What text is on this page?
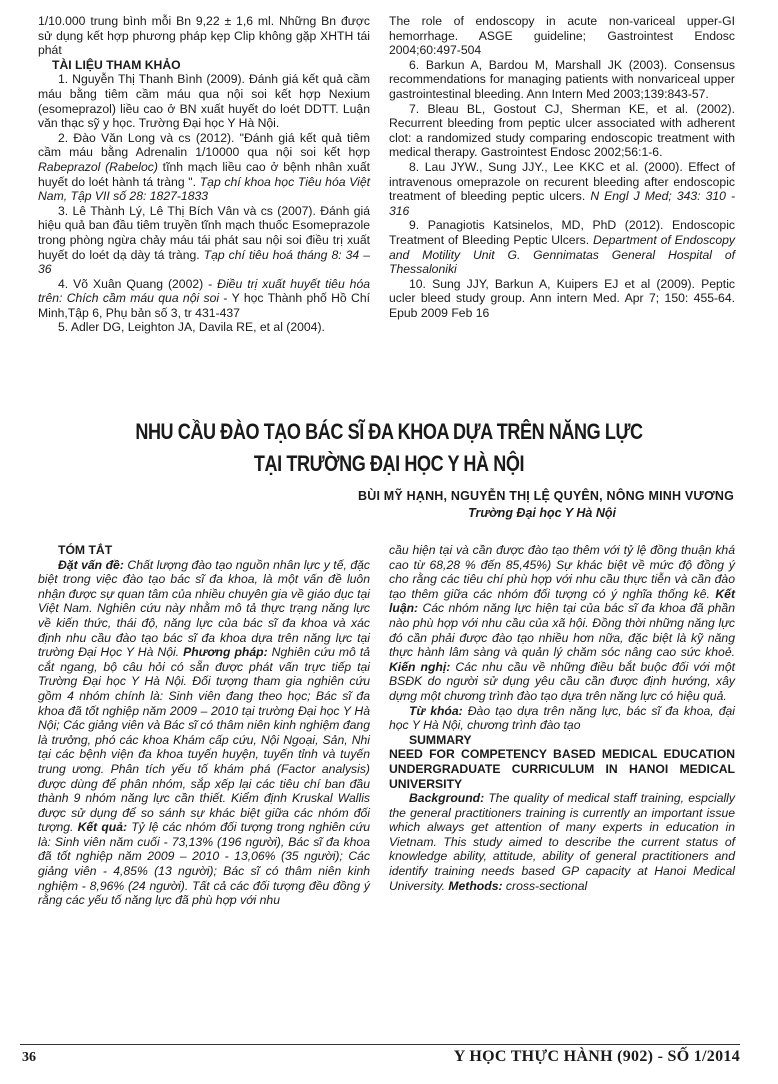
1/10.000 trung bình mỗi Bn 9,22 ± 1,6 ml. Những Bn được sử dụng kết hợp phương pháp kẹp Clip không gặp XHTH tái phát

TÀI LIỆU THAM KHẢO

1. Nguyễn Thị Thanh Bình (2009). Đánh giá kết quả cầm máu bằng tiêm cầm máu qua nội soi kết hợp Nexium (esomeprazol) liều cao ở BN xuất huyết do loét DDTT. Luận văn thạc sỹ y học. Trường Đại học Y Hà Nội.

2. Đào Văn Long và cs (2012). "Đánh giá kết quả tiêm cầm máu bằng Adrenalin 1/10000 qua nội soi kết hợp Rabeprazol (Rabeloc) tĩnh mạch liều cao ở bệnh nhân xuất huyết do loét hành tá tràng ". Tạp chí khoa học Tiêu hóa Việt Nam, Tập VII số 28: 1827-1833

3. Lê Thành Lý, Lê Thị Bích Vân và cs (2007). Đánh giá hiệu quả ban đầu tiêm truyền tĩnh mạch thuốc Esomeprazole trong phòng ngừa chảy máu tái phát sau nội soi điều trị xuất huyết do loét dạ dày tá tràng. Tạp chí tiêu hoá tháng 8: 34 – 36

4. Võ Xuân Quang (2002) - Điều trị xuất huyết tiêu hóa trên: Chích cầm máu qua nội soi - Y học Thành phố Hồ Chí Minh,Tập 6, Phụ bản số 3, tr 431-437

5. Adler DG, Leighton JA, Davila RE, et al (2004).

The role of endoscopy in acute non-variceal upper-GI hemorrhage. ASGE guideline; Gastrointest Endosc 2004;60:497-504

6. Barkun A, Bardou M, Marshall JK (2003). Consensus recommendations for managing patients with nonvariceal upper gastrointestinal bleeding. Ann Intern Med 2003;139:843-57.

7. Bleau BL, Gostout CJ, Sherman KE, et al. (2002). Recurrent bleeding from peptic ulcer associated with adherent clot: a randomized study comparing endoscopic treatment with medical therapy. Gastrointest Endosc 2002;56:1-6.

8. Lau JYW., Sung JJY., Lee KKC et al. (2000). Effect of intravenous omeprazole on recurent bleeding after endoscopic treatment of bleeding peptic ulcers. N Engl J Med; 343: 310 - 316

9. Panagiotis Katsinelos, MD, PhD (2012). Endoscopic Treatment of Bleeding Peptic Ulcers. Department of Endoscopy and Motility Unit G. Gennimatas General Hospital of Thessaloniki

10. Sung JJY, Barkun A, Kuipers EJ et al (2009). Peptic ucler bleed study group. Ann intern Med. Apr 7; 150: 455-64. Epub 2009 Feb 16

NHU CẦU ĐÀO TẠO BÁC SĨ ĐA KHOA DỰA TRÊN NĂNG LỰC
TẠI TRƯỜNG ĐẠI HỌC Y HÀ NỘI
BÙI MỸ HẠNH, NGUYỄN THỊ LỆ QUYÊN, NÔNG MINH VƯƠNG
Trường Đại học Y Hà Nội

TÓM TẮT

Đặt vấn đề: Chất lượng đào tạo nguồn nhân lực y tế, đặc biệt trong việc đào tạo bác sĩ đa khoa, là một vấn đề luôn nhận được sự quan tâm của nhiều chuyên gia về giáo dục tại Việt Nam. Nghiên cứu này nhằm mô tả thực trạng năng lực về kiến thức, thái độ, năng lực của bác sĩ đa khoa và xác định nhu cầu đào tạo bác sĩ đa khoa dựa trên năng lực tại trường Đại Học Y Hà Nội. Phương pháp: Nghiên cứu mô tả cắt ngang, bộ câu hỏi có sẵn được phát vấn trực tiếp tại Trường Đại học Y Hà Nội. Đối tượng tham gia nghiên cứu gồm 4 nhóm chính là: Sinh viên đang theo học; Bác sĩ đa khoa đã tốt nghiệp năm 2009 – 2010 tại trường Đại học Y Hà Nội; Các giảng viên và Bác sĩ có thâm niên kinh nghiệm đang là trưởng, phó các khoa Khám cấp cứu, Nội Ngoại, Sản, Nhi tại các bệnh viện đa khoa tuyến huyện, tuyến tỉnh và tuyến trung ương. Phân tích yếu tố khám phá (Factor analysis) được dùng để phân nhóm, sắp xếp lại các tiêu chí ban đầu thành 9 nhóm năng lực cần thiết. Kiểm định Kruskal Wallis được sử dụng để so sánh sự khác biệt giữa các nhóm đối tượng. Kết quả: Tỷ lệ các nhóm đối tượng trong nghiên cứu là: Sinh viên năm cuối - 73,13% (196 người), Bác sĩ đa khoa đã tốt nghiệp năm 2009 – 2010 - 13,06% (35 người); Các giảng viên - 4,85% (13 người); Bác sĩ có thâm niên kinh nghiệm - 8,96% (24 người). Tất cả các đối tượng đều đồng ý rằng các yếu tố năng lực đã phù hợp với nhu

cầu hiện tại và cần được đào tạo thêm với tỷ lệ đồng thuận khá cao từ 68,28 % đến 85,45%) Sự khác biệt về mức độ đồng ý cho rằng các tiêu chí phù hợp với nhu cầu thực tiễn và cần đào tạo thêm giữa các nhóm đối tượng có ý nghĩa thống kê. Kết luận: Các nhóm năng lực hiện tại của bác sĩ đa khoa đã phần nào phù hợp với nhu cầu của xã hội. Đồng thời những năng lực đó cần phải được đào tạo nhiều hơn nữa, đặc biệt là kỹ năng thực hành lâm sàng và quản lý chăm sóc nâng cao sức khoẻ. Kiến nghị: Các nhu cầu về những điều bắt buộc đối với một BSĐK do người sử dụng yêu cầu cần được định hướng, xây dựng một chương trình đào tạo dựa trên năng lực có hiệu quả.

Từ khóa: Đào tạo dựa trên năng lực, bác sĩ đa khoa, đại học Y Hà Nội, chương trình đào tạo

SUMMARY

NEED FOR COMPETENCY BASED MEDICAL EDUCATION UNDERGRADUATE CURRICULUM IN HANOI MEDICAL UNIVERSITY

Background: The quality of medical staff training, espcially the general practitioners training is currently an important issue which always get attention of many experts in education in Vietnam. This study aimed to describe the current status of knowledge ability, attitude, ability of general practitioners and identify training needs based GP capacity at Hanoi Medical University. Methods: cross-sectional

36	Y HỌC THỰC HÀNH (902) - SỐ 1/2014
